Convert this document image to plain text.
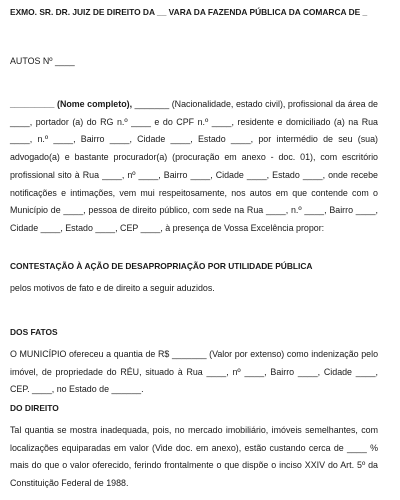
EXMO. SR. DR. JUIZ DE DIREITO DA __ VARA DA FAZENDA PÚBLICA DA COMARCA DE _

AUTOS Nº ____

_________ (Nome completo), _______ (Nacionalidade, estado civil), profissional da área de ____, portador (a) do RG n.º ____ e do CPF n.º ____, residente e domiciliado (a) na Rua ____, n.º ____, Bairro ____, Cidade ____, Estado ____, por intermédio de seu (sua) advogado(a) e bastante procurador(a) (procuração em anexo - doc. 01), com escritório profissional sito à Rua ____, nº ____, Bairro ____, Cidade ____, Estado ____, onde recebe notificações e intimações, vem mui respeitosamente, nos autos em que contende com o Município de ____, pessoa de direito público, com sede na Rua ____, n.º ____, Bairro ____, Cidade ____, Estado ____, CEP ____, à presença de Vossa Excelência propor:

CONTESTAÇÃO À AÇÃO DE DESAPROPRIAÇÃO POR UTILIDADE PÚBLICA

pelos motivos de fato e de direito a seguir aduzidos.

DOS FATOS

O MUNICÍPIO ofereceu a quantia de R$ _______ (Valor por extenso) como indenização pelo imóvel, de propriedade do RÉU, situado à Rua ____, nº ____, Bairro ____, Cidade ____, CEP. ____, no Estado de ______.

DO DIREITO

Tal quantia se mostra inadequada, pois, no mercado imobiliário, imóveis semelhantes, com localizações equiparadas em valor (Vide doc. em anexo), estão custando cerca de ____ % mais do que o valor oferecido, ferindo frontalmente o que dispõe o inciso XXIV do Art. 5º da Constituição Federal de 1988.
